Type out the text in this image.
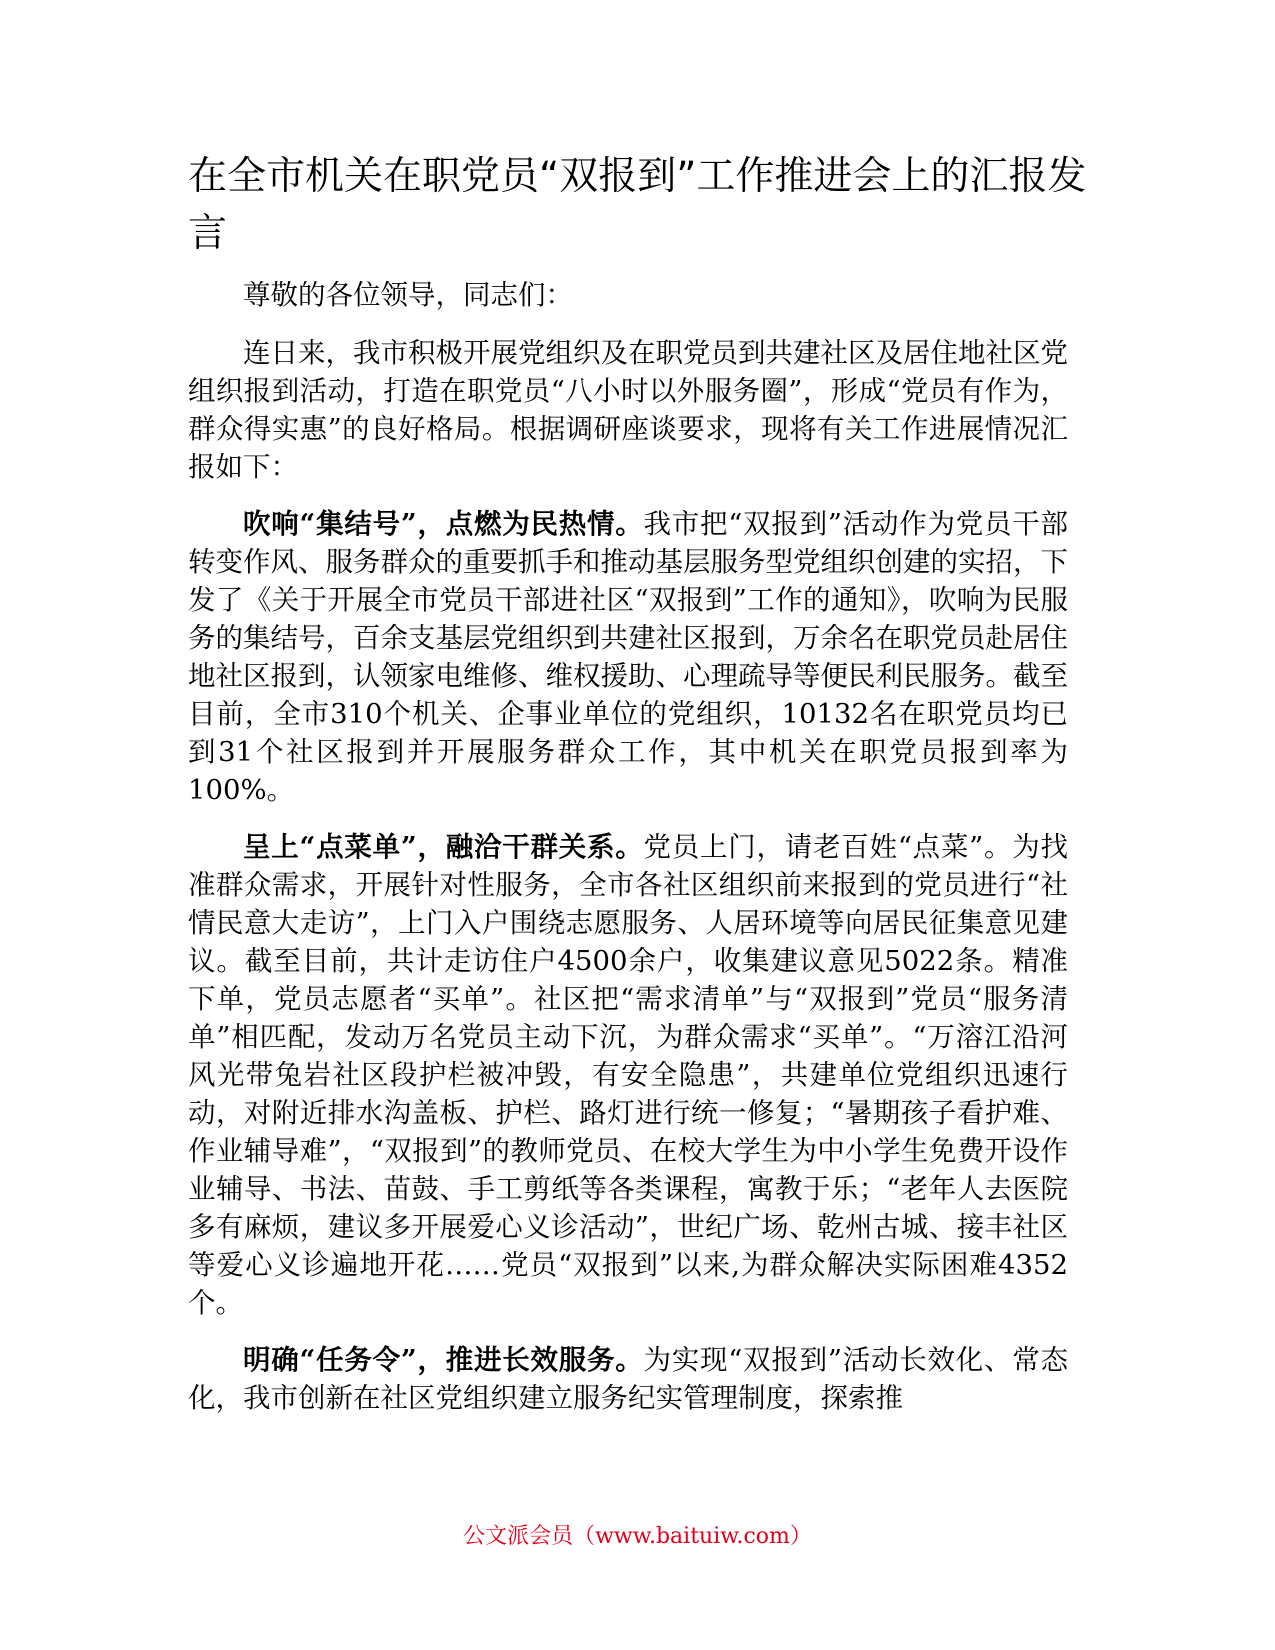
在全市机关在职党员“双报到”工作推进会上的汇报发言

尊敬的各位领导，同志们：

连日来，我市积极开展党组织及在职党员到共建社区及居住地社区党组织报到活动，打造在职党员“八小时以外服务圈”，形成“党员有作为，群众得实惠”的良好格局。根据调研座谈要求，现将有关工作进展情况汇报如下：

吹响“集结号”，点燃为民热情。我市把“双报到”活动作为党员干部转变作风、服务群众的重要抓手和推动基层服务型党组织创建的实招，下发了《关于开展全市党员干部进社区“双报到”工作的通知》，吹响为民服务的集结号，百余支基层党组织到共建社区报到，万余名在职党员赴居住地社区报到，认领家电维修、维权援助、心理疏导等便民利民服务。截至目前，全市310个机关、企事业单位的党组织，10132名在职党员均已到31个社区报到并开展服务群众工作，其中机关在职党员报到率为100%。

呈上“点菜单”，融洽干群关系。党员上门，请老百姓“点菜”。为找准群众需求，开展针对性服务，全市各社区组织前来报到的党员进行“社情民意大走访”，上门入户围绕志愿服务、人居环境等向居民征集意见建议。截至目前，共计走访住户4500余户，收集建议意见5022条。精准下单，党员志愿者“买单”。社区把“需求清单”与“双报到”党员“服务清单”相匹配，发动万名党员主动下沉，为群众需求“买单”。“万溶江沿河风光带兔岩社区段护栏被冲毁，有安全隐患”，共建单位党组织迅速行动，对附近排水沟盖板、护栏、路灯进行统一修复；“暑期孩子看护难、作业辅导难”，“双报到”的教师党员、在校大学生为中小学生免费开设作业辅导、书法、苗鼓、手工剪纸等各类课程，寓教于乐；“老年人去医院多有麻烦，建议多开展爱心义诊活动”，世纪广场、乾州古城、接丰社区等爱心义诊遍地开花……党员“双报到”以来,为群众解决实际困难4352个。

明确“任务令”，推进长效服务。为实现“双报到”活动长效化、常态化，我市创新在社区党组织建立服务纪实管理制度，探索推

公文派会员（www.baituiw.com）
